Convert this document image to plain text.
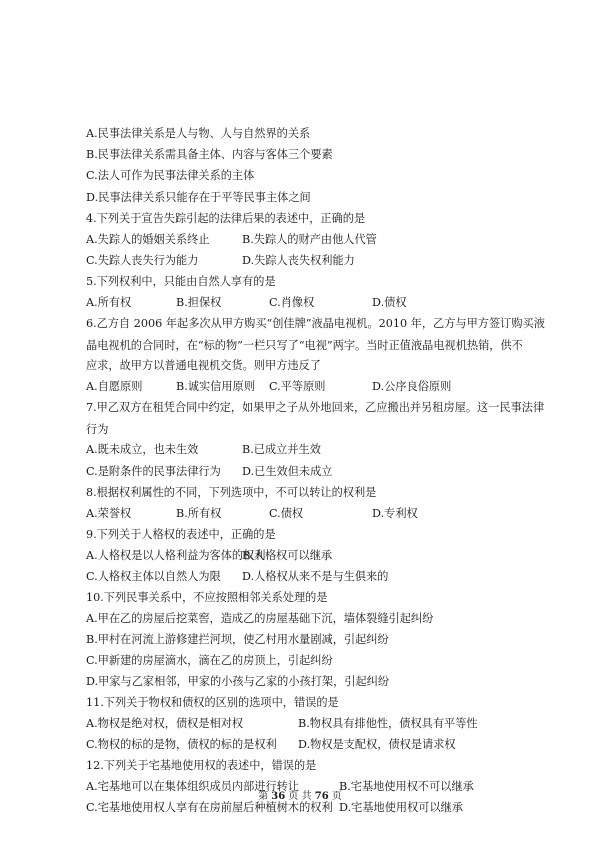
A.民事法律关系是人与物、人与自然界的关系
B.民事法律关系需具备主体、内容与客体三个要素
C.法人可作为民事法律关系的主体
D.民事法律关系只能存在于平等民事主体之间
4.下列关于宣告失踪引起的法律后果的表述中，正确的是
A.失踪人的婚姻关系终止	B.失踪人的财产由他人代管
C.失踪人丧失行为能力	D.失踪人丧失权利能力
5.下列权利中，只能由自然人享有的是
A.所有权	B.担保权	C.肖像权	D.债权
6.乙方自 2006 年起多次从甲方购买“创佳牌”液晶电视机。2010 年，乙方与甲方签订购买液
晶电视机的合同时，在“标的物”一栏只写了“电视”两字。当时正值液晶电视机热销，供不
应求，故甲方以普通电视机交货。则甲方违反了
A.自愿原则	B.诚实信用原则 C.平等原则	D.公序良俗原则
7.甲乙双方在租凭合同中约定，如果甲之子从外地回来，乙应搬出并另租房屋。这一民事法律
行为
A.既未成立，也未生效	B.已成立并生效
C.是附条件的民事法律行为 D.已生效但未成立
8.根据权利属性的不同，下列选项中，不可以转让的权利是
A.荣誉权	B.所有权	C.债权	D.专利权
9.下列关于人格权的表述中，正确的是
A.人格权是以人格利益为客体的权利
B.人格权可以继承
C.人格权主体以自然人为限 D.人格权从来不是与生俱来的
10.下列民事关系中，不应按照相邻关系处理的是
A.甲在乙的房屋后挖菜窖，造成乙的房屋基础下沉，墙体裂缝引起纠纷
B.甲村在河流上游修建拦河坝，使乙村用水量剧减，引起纠纷
C.甲新建的房屋滴水，滴在乙的房顶上，引起纠纷
D.甲家与乙家相邻，甲家的小孩与乙家的小孩打架，引起纠纷
11.下列关于物权和债权的区别的选项中，错误的是
A.物权是绝对权，债权是相对权	B.物权具有排他性，债权具有平等性
C.物权的标的是物，债权的标的是权利 D.物权是支配权，债权是请求权
12.下列关于宅基地使用权的表述中，错误的是
A.宅基地可以在集体组织成员内部进行转让	B.宅基地使用权不可以继承
C.宅基地使用权人享有在房前屋后种植树木的权利 D.宅基地使用权可以继承
第 36 页 共 76 页
